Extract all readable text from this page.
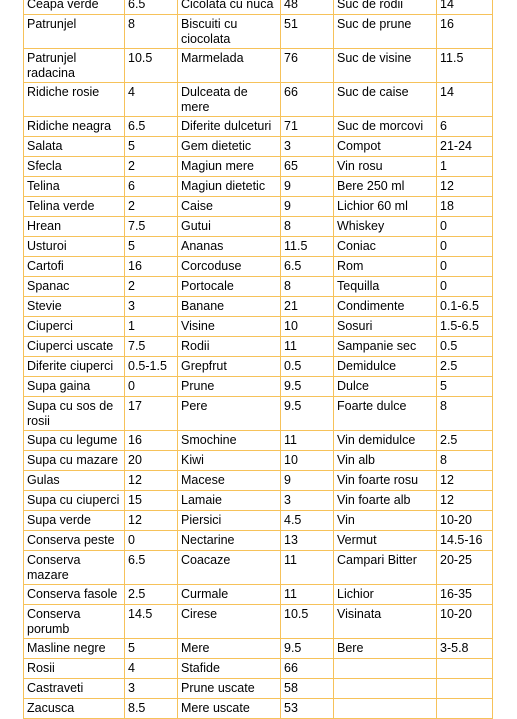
Ceapa verde	6.5	Cicolata cu nuca	48	Suc de rodii	14
Patrunjel	8	Biscuiti cu ciocolata	51	Suc de prune	16
Patrunjel radacina	10.5	Marmelada	76	Suc de visine	11.5
Ridiche rosie	4	Dulceata de mere	66	Suc de caise	14
Ridiche neagra	6.5	Diferite dulceturi	71	Suc de morcovi	6
Salata	5	Gem dietetic	3	Compot	21-24
Sfecla	2	Magiun mere	65	Vin rosu	1
Telina	6	Magiun dietetic	9	Bere 250 ml	12
Telina verde	2	Caise	9	Lichior 60 ml	18
Hrean	7.5	Gutui	8	Whiskey	0
Usturoi	5	Ananas	11.5	Coniac	0
Cartofi	16	Corcoduse	6.5	Rom	0
Spanac	2	Portocale	8	Tequilla	0
Stevie	3	Banane	21	Condimente	0.1-6.5
Ciuperci	1	Visine	10	Sosuri	1.5-6.5
Ciuperci uscate	7.5	Rodii	11	Sampanie sec	0.5
Diferite ciuperci	0.5-1.5	Grepfrut	0.5	Demidulce	2.5
Supa gaina	0	Prune	9.5	Dulce	5
Supa cu sos de rosii	17	Pere	9.5	Foarte dulce	8
Supa cu legume	16	Smochine	11	Vin demidulce	2.5
Supa cu mazare	20	Kiwi	10	Vin alb	8
Gulas	12	Macese	9	Vin foarte rosu	12
Supa cu ciuperci	15	Lamaie	3	Vin foarte alb	12
Supa verde	12	Piersici	4.5	Vin	10-20
Conserva peste	0	Nectarine	13	Vermut	14.5-16
Conserva mazare	6.5	Coacaze	11	Campari Bitter	20-25
Conserva fasole	2.5	Curmale	11	Lichior	16-35
Conserva porumb	14.5	Cirese	10.5	Visinata	10-20
Masline negre	5	Mere	9.5	Bere	3-5.8
Rosii	4	Stafide	66		
Castraveti	3	Prune uscate	58		
Zacusca	8.5	Mere uscate	53		
